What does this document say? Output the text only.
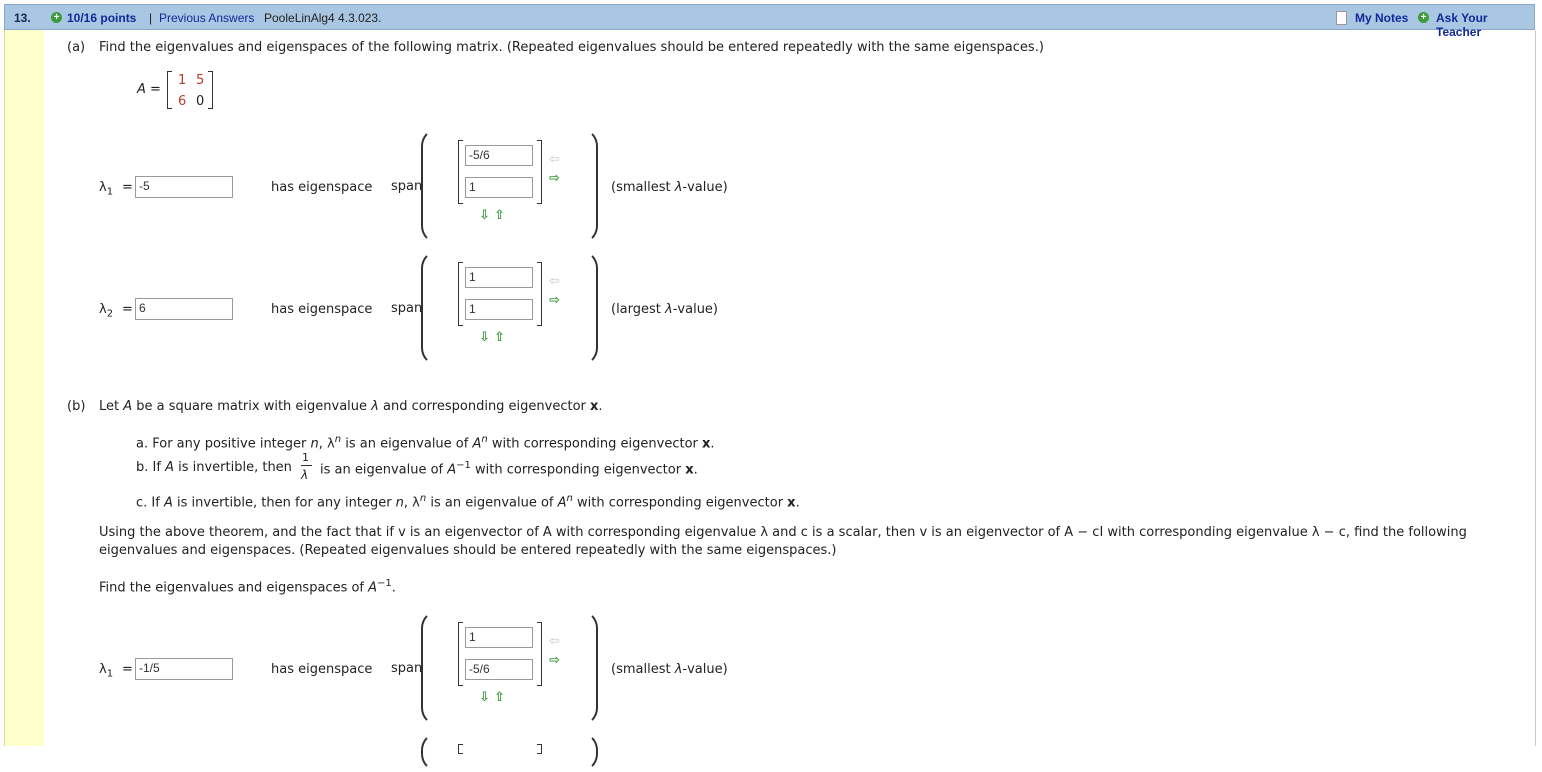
13. + 10/16 points | Previous Answers PooleLinAlg4 4.3.023.	My Notes + Ask Your Teacher
(a) Find the eigenvalues and eigenspaces of the following matrix. (Repeated eigenvalues should be entered repeatedly with the same eigenspaces.)
A =
1 5
6 0
$\lambda_1 = -5$	has eigenspace span
-5/6
1
⇦
⇨
⇩ ⇧
(smallest λ-value)
$\lambda_2 = 6$	has eigenspace span
1
1
⇦
⇨
⇩ ⇧
(largest λ-value)
(b) Let A be a square matrix with eigenvalue λ and corresponding eigenvector x.
a. For any positive integer n, $\lambda^n$ is an eigenvalue of $A^n$ with corresponding eigenvector x.
b. If A is invertible, then
1
λ is an eigenvalue of $A^{-1}$ with corresponding eigenvector x.
c. If A is invertible, then for any integer n, $\lambda^n$ is an eigenvalue of $A^n$ with corresponding eigenvector x.
Using the above theorem, and the fact that if v is an eigenvector of A with corresponding eigenvalue λ and c is a scalar, then v is an eigenvector of A − cI with corresponding eigenvalue λ − c, find the following
eigenvalues and eigenspaces. (Repeated eigenvalues should be entered repeatedly with the same eigenspaces.)
Find the eigenvalues and eigenspaces of $A^{-1}$.
$\lambda_1 = -1/5$	has eigenspace span
1
-5/6
⇦
⇨
⇩ ⇧
(smallest λ-value)
